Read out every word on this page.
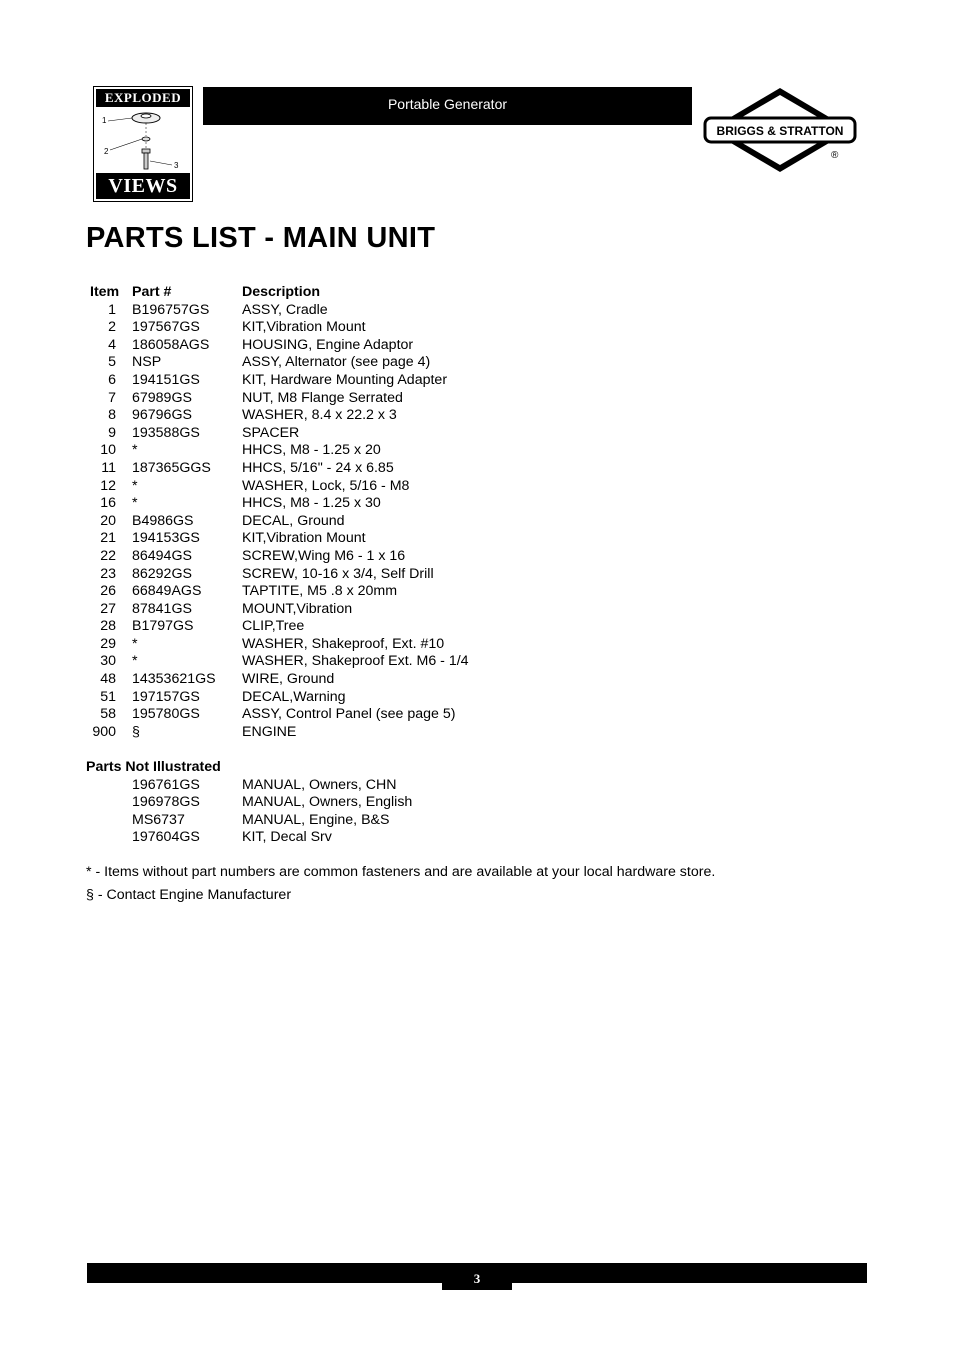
EXPLODED
1
2
3
VIEWS
Portable Generator
BRIGGS & STRATTON
®
PARTS LIST - MAIN UNIT
Item Part #	Description
1 B196757GS ASSY, Cradle
2 197567GS	KIT,Vibration Mount
4 186058AGS HOUSING, Engine Adaptor
5 NSP	ASSY, Alternator (see page 4)
6 194151GS	KIT, Hardware Mounting Adapter
7 67989GS	NUT, M8 Flange Serrated
8 96796GS	WASHER, 8.4 x 22.2 x 3
9 193588GS	SPACER
10 *	HHCS, M8 - 1.25 x 20
11 187365GGS HHCS, 5/16" - 24 x 6.85
12 *	WASHER, Lock, 5/16 - M8
16 *	HHCS, M8 - 1.25 x 30
20 B4986GS	DECAL, Ground
21 194153GS	KIT,Vibration Mount
22 86494GS	SCREW,Wing M6 - 1 x 16
23 86292GS	SCREW, 10-16 x 3/4, Self Drill
26 66849AGS	TAPTITE, M5 .8 x 20mm
27 87841GS	MOUNT,Vibration
28 B1797GS	CLIP,Tree
29 *	WASHER, Shakeproof, Ext. #10
30 *	WASHER, Shakeproof Ext. M6 - 1/4
48 14353621GS WIRE, Ground
51 197157GS	DECAL,Warning
58 195780GS	ASSY, Control Panel (see page 5)
900 §	ENGINE
Parts Not Illustrated
196761GS	MANUAL, Owners, CHN
196978GS	MANUAL, Owners, English
MS6737	MANUAL, Engine, B&S
197604GS	KIT, Decal Srv
* - Items without part numbers are common fasteners and are available at your local hardware store.
§ - Contact Engine Manufacturer
3
